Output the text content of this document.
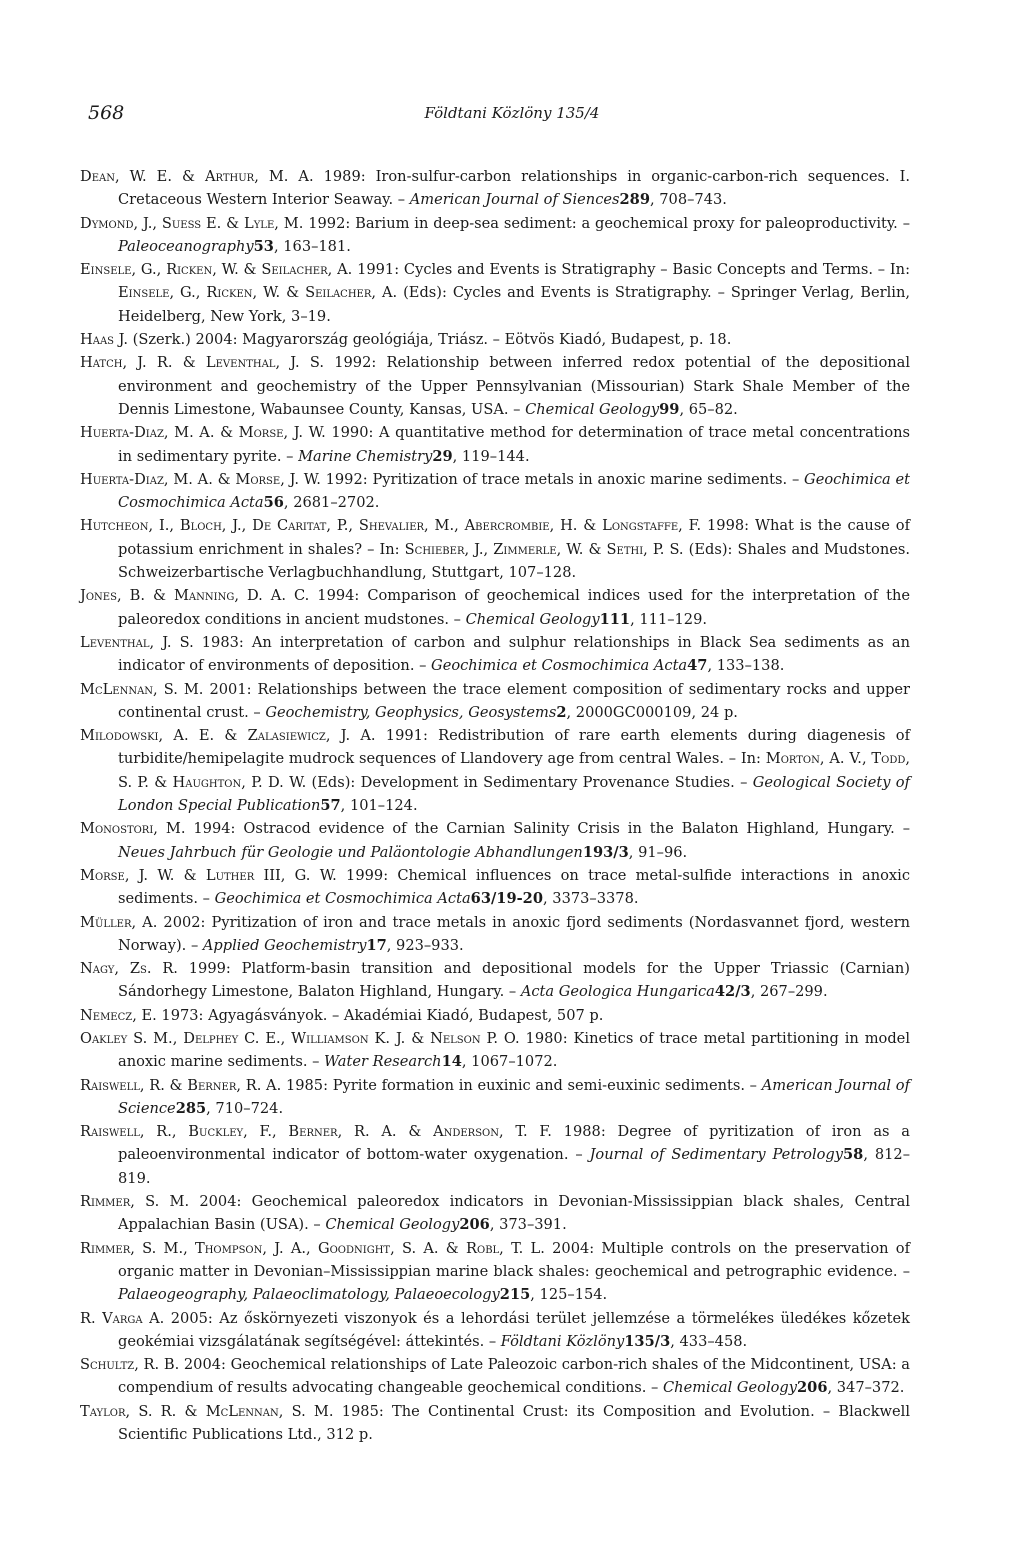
568	Földtani Közlöny 135/4
Dean, W. E. & Arthur, M. A. 1989: Iron-sulfur-carbon relationships in organic-carbon-rich sequences. I. Cretaceous Western Interior Seaway. – American Journal of Siences289, 708–743.
Dymond, J., Suess E. & Lyle, M. 1992: Barium in deep-sea sediment: a geochemical proxy for paleoproductivity. – Paleoceanography53, 163–181.
Einsele, G., Ricken, W. & Seilacher, A. 1991: Cycles and Events is Stratigraphy – Basic Concepts and Terms. – In: Einsele, G., Ricken, W. & Seilacher, A. (Eds): Cycles and Events is Stratigraphy. – Springer Verlag, Berlin, Heidelberg, New York, 3–19.
Haas J. (Szerk.) 2004: Magyarország geológiája, Triász. – Eötvös Kiadó, Budapest, p. 18.
Hatch, J. R. & Leventhal, J. S. 1992: Relationship between inferred redox potential of the depositional environment and geochemistry of the Upper Pennsylvanian (Missourian) Stark Shale Member of the Dennis Limestone, Wabaunsee County, Kansas, USA. – Chemical Geology99, 65–82.
Huerta-Diaz, M. A. & Morse, J. W. 1990: A quantitative method for determination of trace metal concentrations in sedimentary pyrite. – Marine Chemistry29, 119–144.
Huerta-Diaz, M. A. & Morse, J. W. 1992: Pyritization of trace metals in anoxic marine sediments. – Geochimica et Cosmochimica Acta56, 2681–2702.
Hutcheon, I., Bloch, J., De Caritat, P., Shevalier, M., Abercrombie, H. & Longstaffe, F. 1998: What is the cause of potassium enrichment in shales? – In: Schieber, J., Zimmerle, W. & Sethi, P. S. (Eds): Shales and Mudstones. Schweizerbartische Verlagbuchhandlung, Stuttgart, 107–128.
Jones, B. & Manning, D. A. C. 1994: Comparison of geochemical indices used for the interpretation of the paleoredox conditions in ancient mudstones. – Chemical Geology111, 111–129.
Leventhal, J. S. 1983: An interpretation of carbon and sulphur relationships in Black Sea sediments as an indicator of environments of deposition. – Geochimica et Cosmochimica Acta47, 133–138.
McLennan, S. M. 2001: Relationships between the trace element composition of sedimentary rocks and upper continental crust. – Geochemistry, Geophysics, Geosystems2, 2000GC000109, 24 p.
Milodowski, A. E. & Zalasiewicz, J. A. 1991: Redistribution of rare earth elements during diagenesis of turbidite/hemipelagite mudrock sequences of Llandovery age from central Wales. – In: Morton, A. V., Todd, S. P. & Haughton, P. D. W. (Eds): Development in Sedimentary Provenance Studies. – Geological Society of London Special Publication57, 101–124.
Monostori, M. 1994: Ostracod evidence of the Carnian Salinity Crisis in the Balaton Highland, Hungary. – Neues Jahrbuch für Geologie und Paläontologie Abhandlungen193/3, 91–96.
Morse, J. W. & Luther III, G. W. 1999: Chemical influences on trace metal-sulfide interactions in anoxic sediments. – Geochimica et Cosmochimica Acta63/19-20, 3373–3378.
Müller, A. 2002: Pyritization of iron and trace metals in anoxic fjord sediments (Nordasvannet fjord, western Norway). – Applied Geochemistry17, 923–933.
Nagy, Zs. R. 1999: Platform-basin transition and depositional models for the Upper Triassic (Carnian) Sándorhegy Limestone, Balaton Highland, Hungary. – Acta Geologica Hungarica42/3, 267–299.
Nemecz, E. 1973: Agyagásványok. – Akadémiai Kiadó, Budapest, 507 p.
Oakley S. M., Delphey C. E., Williamson K. J. & Nelson P. O. 1980: Kinetics of trace metal partitioning in model anoxic marine sediments. – Water Research14, 1067–1072.
Raiswell, R. & Berner, R. A. 1985: Pyrite formation in euxinic and semi-euxinic sediments. – American Journal of Science285, 710–724.
Raiswell, R., Buckley, F., Berner, R. A. & Anderson, T. F. 1988: Degree of pyritization of iron as a paleoenvironmental indicator of bottom-water oxygenation. – Journal of Sedimentary Petrology58, 812–819.
Rimmer, S. M. 2004: Geochemical paleoredox indicators in Devonian-Mississippian black shales, Central Appalachian Basin (USA). – Chemical Geology206, 373–391.
Rimmer, S. M., Thompson, J. A., Goodnight, S. A. & Robl, T. L. 2004: Multiple controls on the preservation of organic matter in Devonian–Mississippian marine black shales: geochemical and petrographic evidence. – Palaeogeography, Palaeoclimatology, Palaeoecology215, 125–154.
R. Varga A. 2005: Az őskörnyezeti viszonyok és a lehordási terület jellemzése a törmelékes üledékes kőzetek geokémiai vizsgálatának segítségével: áttekintés. – Földtani Közlöny135/3, 433–458.
Schultz, R. B. 2004: Geochemical relationships of Late Paleozoic carbon-rich shales of the Midcontinent, USA: a compendium of results advocating changeable geochemical conditions. – Chemical Geology206, 347–372.
Taylor, S. R. & McLennan, S. M. 1985: The Continental Crust: its Composition and Evolution. – Blackwell Scientific Publications Ltd., 312 p.
